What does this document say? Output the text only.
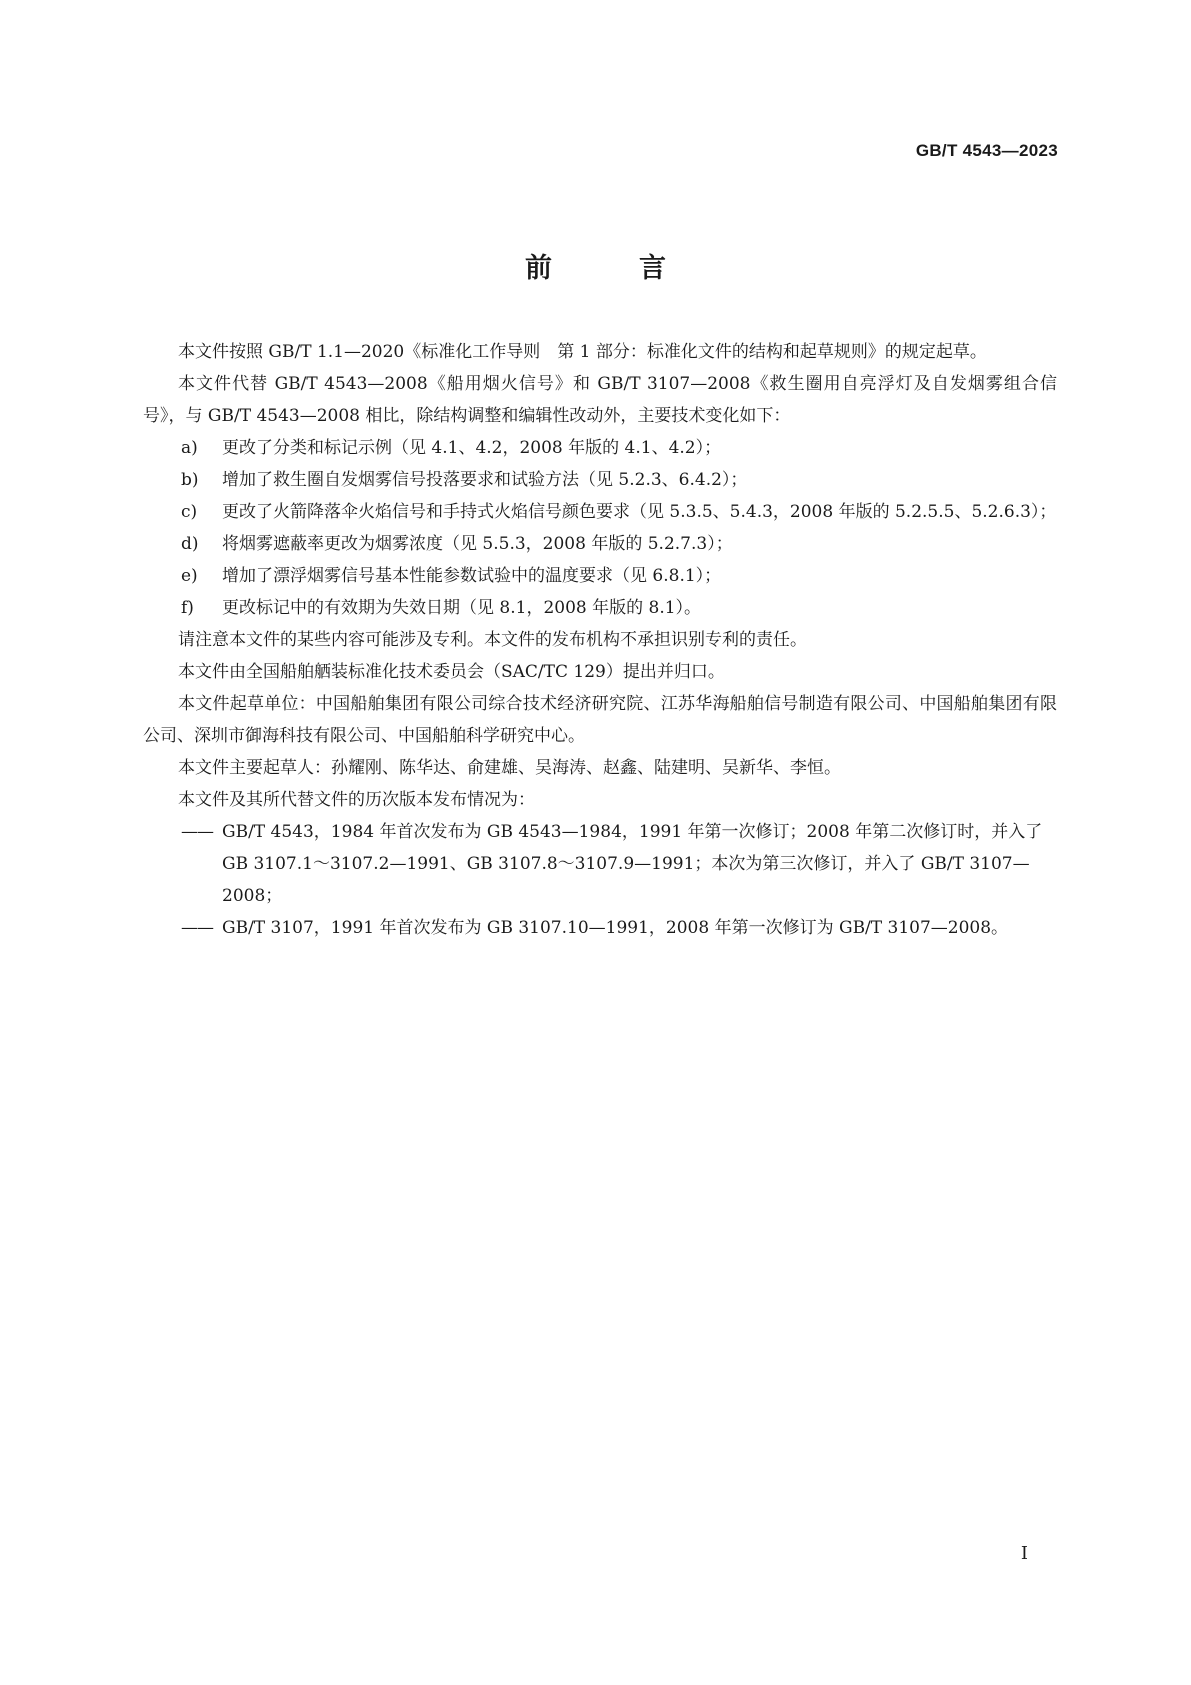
GB/T 4543—2023
前　言

本文件按照 GB/T 1.1—2020《标准化工作导则　第 1 部分：标准化文件的结构和起草规则》的规定起草。

本文件代替 GB/T 4543—2008《船用烟火信号》和 GB/T 3107—2008《救生圈用自亮浮灯及自发烟雾组合信号》，与 GB/T 4543—2008 相比，除结构调整和编辑性改动外，主要技术变化如下：

a) 更改了分类和标记示例（见 4.1、4.2，2008 年版的 4.1、4.2）；

b) 增加了救生圈自发烟雾信号投落要求和试验方法（见 5.2.3、6.4.2）；

c) 更改了火箭降落伞火焰信号和手持式火焰信号颜色要求（见 5.3.5、5.4.3，2008 年版的 5.2.5.5、5.2.6.3）；

d) 将烟雾遮蔽率更改为烟雾浓度（见 5.5.3，2008 年版的 5.2.7.3）；

e) 增加了漂浮烟雾信号基本性能参数试验中的温度要求（见 6.8.1）；

f) 更改标记中的有效期为失效日期（见 8.1，2008 年版的 8.1）。

请注意本文件的某些内容可能涉及专利。本文件的发布机构不承担识别专利的责任。

本文件由全国船舶舾装标准化技术委员会（SAC/TC 129）提出并归口。

本文件起草单位：中国船舶集团有限公司综合技术经济研究院、江苏华海船舶信号制造有限公司、中国船舶集团有限公司、深圳市御海科技有限公司、中国船舶科学研究中心。

本文件主要起草人：孙耀刚、陈华达、俞建雄、吴海涛、赵鑫、陆建明、吴新华、李恒。

本文件及其所代替文件的历次版本发布情况为：

—— GB/T 4543，1984 年首次发布为 GB 4543—1984，1991 年第一次修订；2008 年第二次修订时，并入了 GB 3107.1～3107.2—1991、GB 3107.8～3107.9—1991；本次为第三次修订，并入了 GB/T 3107—2008；

—— GB/T 3107，1991 年首次发布为 GB 3107.10—1991，2008 年第一次修订为 GB/T 3107—2008。

I
